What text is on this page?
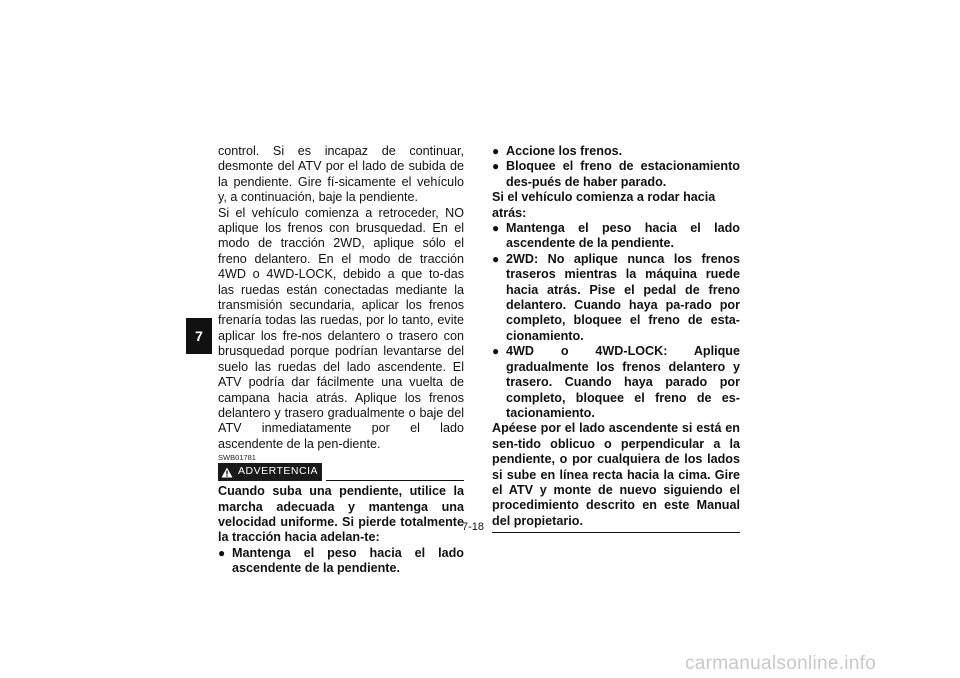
7
control. Si es incapaz de continuar, desmonte del ATV por el lado de subida de la pendiente. Gire fí-sicamente el vehículo y, a continuación, baje la pendiente.
Si el vehículo comienza a retroceder, NO aplique los frenos con brusquedad. En el modo de tracción 2WD, aplique sólo el freno delantero. En el modo de tracción 4WD o 4WD-LOCK, debido a que to-das las ruedas están conectadas mediante la transmisión secundaria, aplicar los frenos frenaría todas las ruedas, por lo tanto, evite aplicar los fre-nos delantero o trasero con brusquedad porque podrían levantarse del suelo las ruedas del lado ascendente. El ATV podría dar fácilmente una vuelta de campana hacia atrás. Aplique los frenos delantero y trasero gradualmente o baje del ATV inmediatamente por el lado ascendente de la pen-diente.
SWB01781
ADVERTENCIA
Cuando suba una pendiente, utilice la marcha adecuada y mantenga una velocidad uniforme. Si pierde totalmente la tracción hacia adelan-te:
● Mantenga el peso hacia el lado ascendente de la pendiente.
● Accione los frenos.
● Bloquee el freno de estacionamiento des-pués de haber parado.
Si el vehículo comienza a rodar hacia atrás:
● Mantenga el peso hacia el lado ascendente de la pendiente.
● 2WD: No aplique nunca los frenos traseros mientras la máquina ruede hacia atrás. Pise el pedal de freno delantero. Cuando haya pa-rado por completo, bloquee el freno de esta-cionamiento.
● 4WD o 4WD-LOCK: Aplique gradualmente los frenos delantero y trasero. Cuando haya parado por completo, bloquee el freno de es-tacionamiento.
Apéese por el lado ascendente si está en sen-tido oblicuo o perpendicular a la pendiente, o por cualquiera de los lados si sube en línea recta hacia la cima. Gire el ATV y monte de nuevo siguiendo el procedimiento descrito en este Manual del propietario.
7-18
carmanualsonline.info
